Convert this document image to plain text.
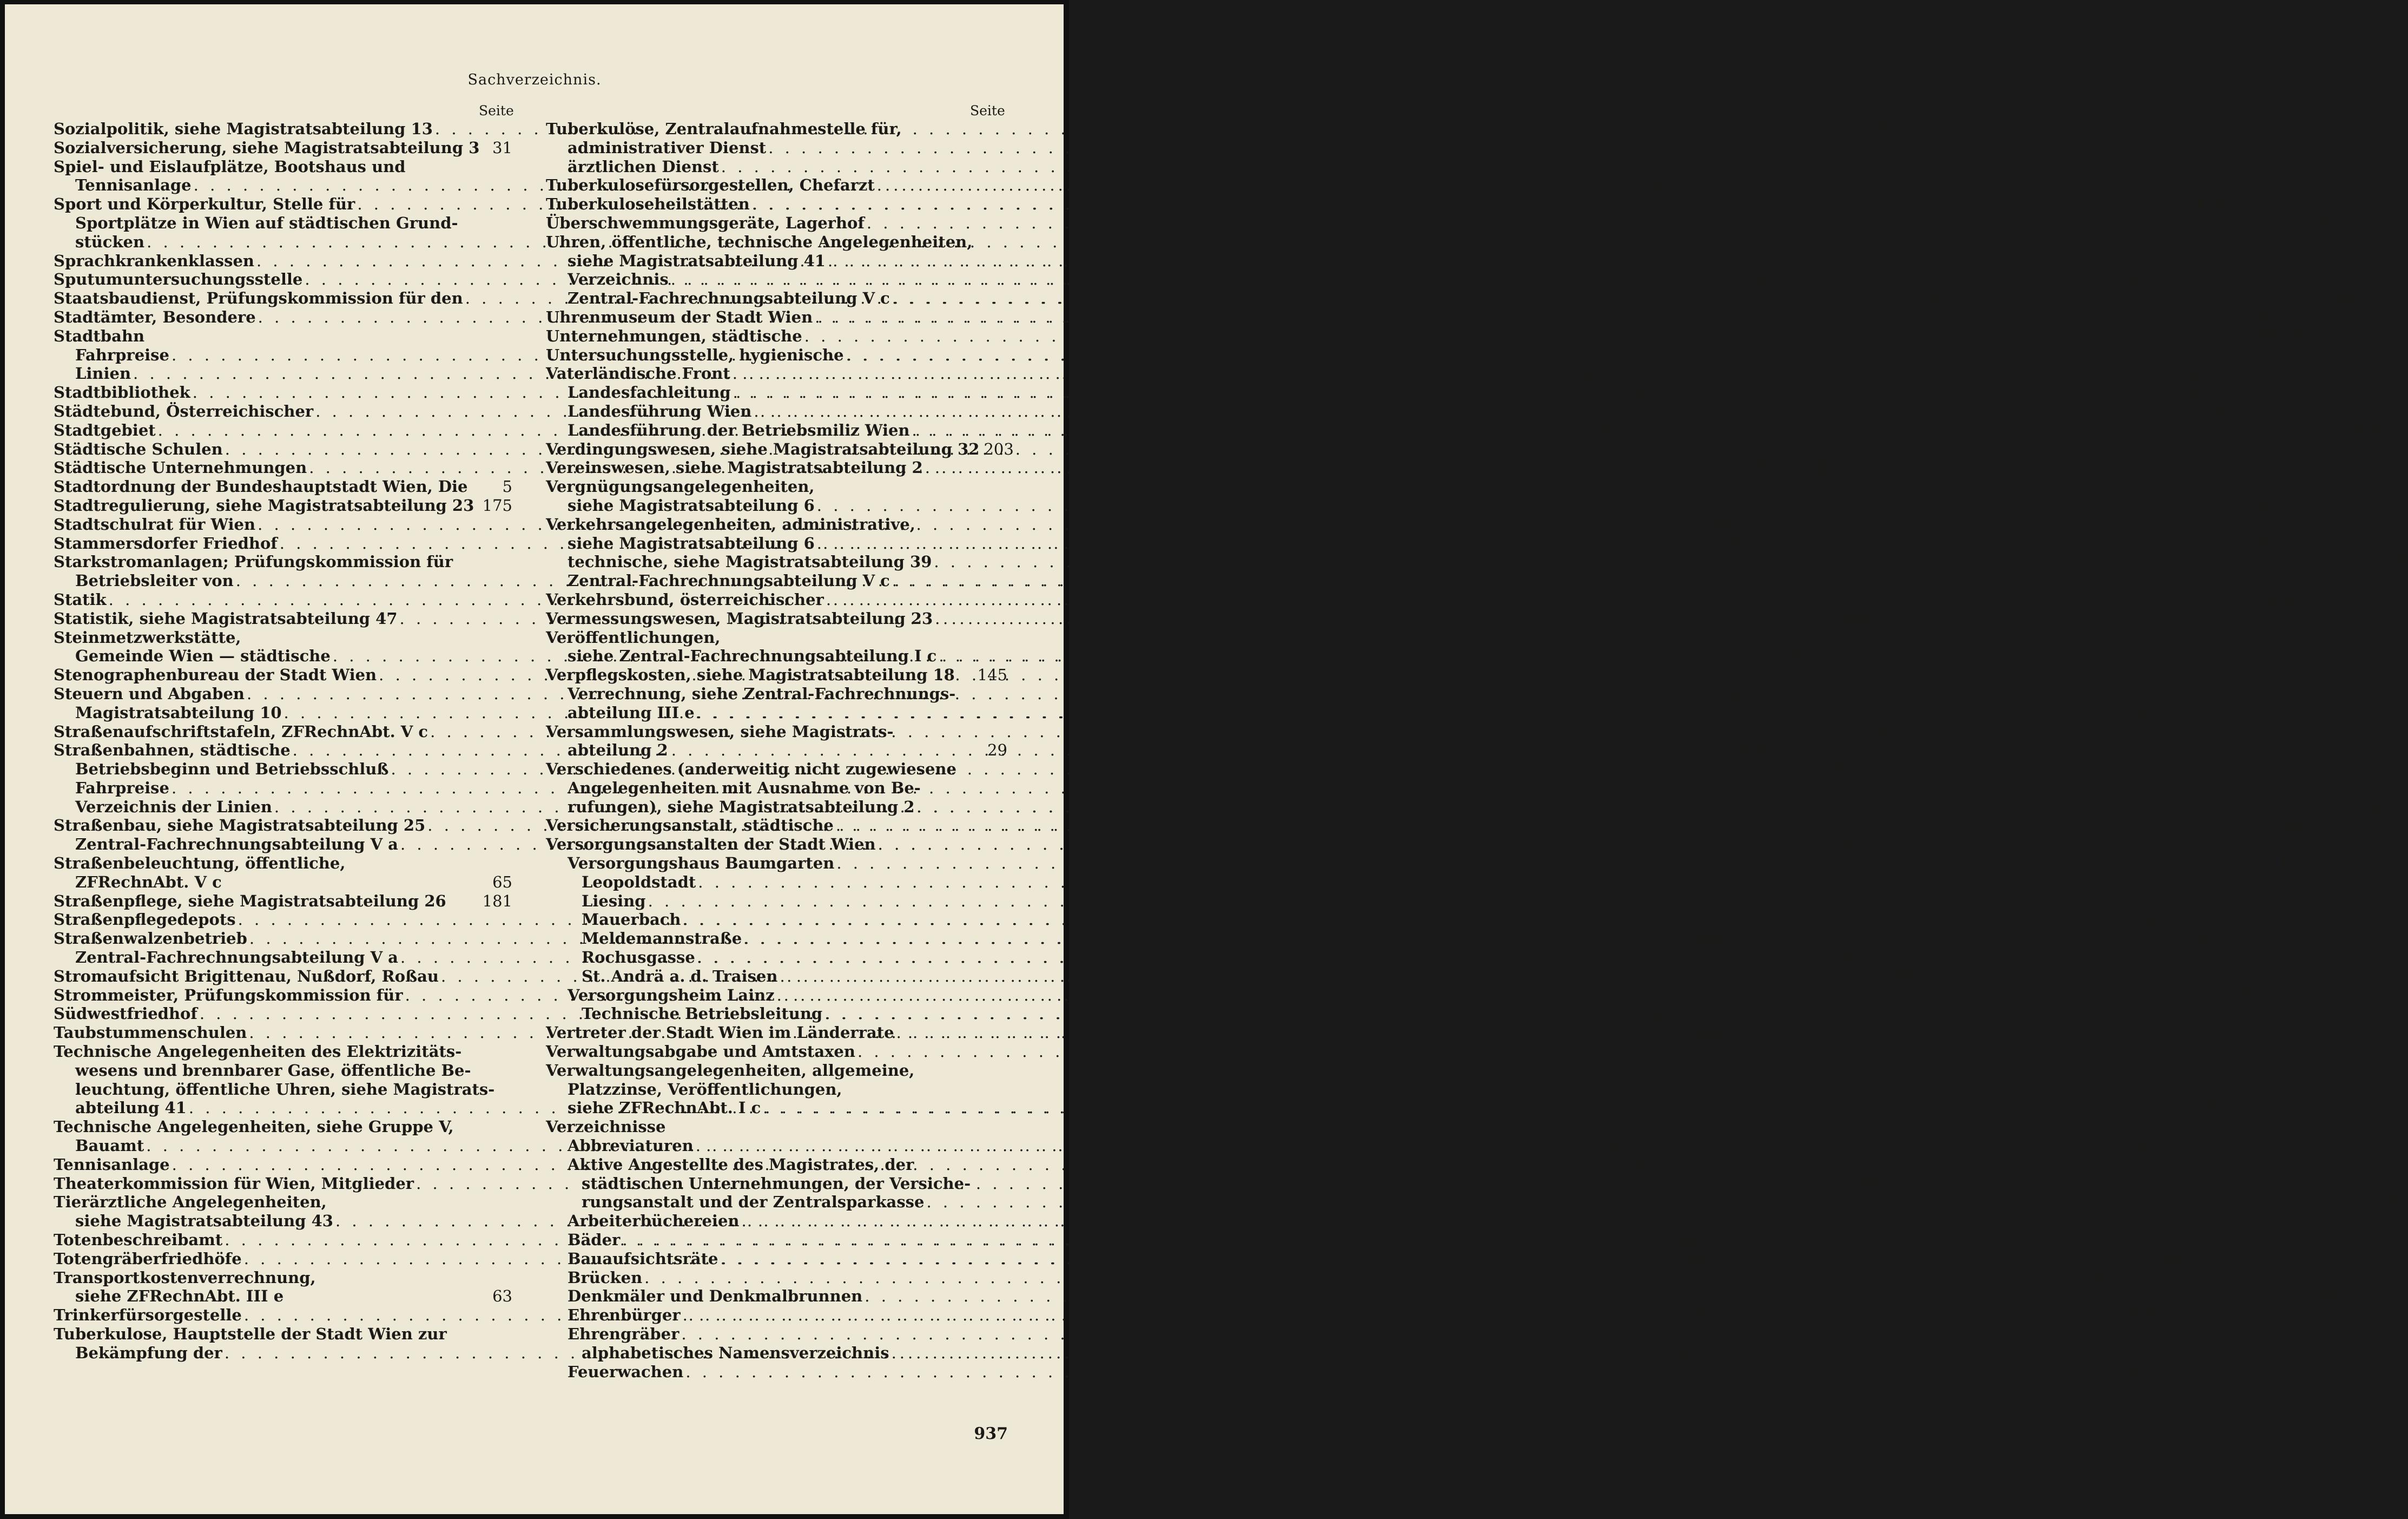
Sachverzeichnis.
Seite	Seite
Sozialpolitik, siehe Magistratsabteilung 13 . . .	87
Sozialversicherung, siehe Magistratsabteilung 3 31
Spiel- und Eislaufplätze, Bootshaus und
Tennisanlage . . .	159
Sport und Körperkultur, Stelle für . . .	157
Sportplätze in Wien auf städtischen Grund-
stücken . . .	151, 157
Sprachkrankenklassen . . .	457
Sputumuntersuchungsstelle . . .	155
Staatsbaudienst, Prüfungskommission für den . . .	173
Stadtämter, Besondere . . .	251—255
Stadtbahn
Fahrpreise . . .	322
Linien . . .	321
Stadtbibliothek . . .	43
Städtebund, Österreichischer . . .	923
Stadtgebiet . . .	537
Städtische Schulen . . .	341
Städtische Unternehmungen . . .	283—328
Stadtordnung der Bundeshauptstadt Wien, Die 5
Stadtregulierung, siehe Magistratsabteilung 23 175
Stadtschulrat für Wien . . .	339
Stammersdorfer Friedhof . . .	163
Starkstromanlagen; Prüfungskommission für
Betriebsleiter von . . .	175
Statik . . .	221
Statistik, siehe Magistratsabteilung 47 . . .	249
Steinmetzwerkstätte,
Gemeinde Wien — städtische . . .	165
Stenographenbureau der Stadt Wien . . .	21
Steuern und Abgaben . . .	547, 922
Magistratsabteilung 10 . . .	73
Straßenaufschriftstafeln, ZFRechnAbt. V c . . .	65
Straßenbahnen, städtische . . .	308
Betriebsbeginn und Betriebsschluß . . .	315
Fahrpreise . . .	322
Verzeichnis der Linien . . .	315
Straßenbau, siehe Magistratsabteilung 25 . . .	179
Zentral-Fachrechnungsabteilung V a . . .	65
Straßenbeleuchtung, öffentliche,
ZFRechnAbt. V c	65
Straßenpflege, siehe Magistratsabteilung 26 181
Straßenpflegedepots . . .	183
Straßenwalzenbetrieb . . .	181
Zentral-Fachrechnungsabteilung V a . . .	65
Stromaufsicht Brigittenau, Nußdorf, Roßau . . .	197
Strommeister, Prüfungskommission für . . .	175
Südwestfriedhof . . .	163
Taubstummenschulen . . .	455
Technische Angelegenheiten des Elektrizitäts-
wesens und brennbarer Gase, öffentliche Be-
leuchtung, öffentliche Uhren, siehe Magistrats-
abteilung 41 . . .	231
Technische Angelegenheiten, siehe Gruppe V,
Bauamt . . .	173
Tennisanlage . . .	159
Theaterkommission für Wien, Mitglieder . . .	35
Tierärztliche Angelegenheiten,
siehe Magistratsabteilung 43 . . .	237
Totenbeschreibamt . . .	159
Totengräberfriedhöfe . . .	163
Transportkostenverrechnung,
siehe ZFRechnAbt. III e	63
Trinkerfürsorgestelle . . .	155
Tuberkulose, Hauptstelle der Stadt Wien zur
Bekämpfung der . . .	153
Tuberkulöse, Zentralaufnahmestelle für,
administrativer Dienst . . .	145
ärztlichen Dienst . . .	153
Tuberkulosefürsorgestellen, Chefarzt . . .	153
Tuberkuloseheilstätten . . .	139
Überschwemmungsgeräte, Lagerhof . . .	197
Uhren, öffentliche, technische Angelegenheiten,
siehe Magistratsabteilung 41 . . .	231
Verzeichnis . . .	544
Zentral-Fachrechnungsabteilung V c . . .	65
Uhrenmuseum der Stadt Wien . . .	31
Unternehmungen, städtische . . .	283—328
Untersuchungsstelle, hygienische . . .	155
Vaterländische Front . . .	336
Landesfachleitung . . .	336
Landesführung Wien . . .	336
Landesführung der Betriebsmiliz Wien . . .	336
Verdingungswesen, siehe Magistratsabteilung 32 203
Vereinswesen, siehe Magistratsabteilung 2 . . .	29
Vergnügungsangelegenheiten,
siehe Magistratsabteilung 6 . . .	35
Verkehrsangelegenheiten, administrative,
siehe Magistratsabteilung 6 . . .	35
technische, siehe Magistratsabteilung 39 . . .	229
Zentral-Fachrechnungsabteilung V c . . .	65
Verkehrsbund, österreichischer . . .	635
Vermessungswesen, Magistratsabteilung 23 . . .	175
Veröffentlichungen,
siehe Zentral-Fachrechnungsabteilung I c . . .	57
Verpflegskosten, siehe Magistratsabteilung 18 145
Verrechnung, siehe Zentral-Fachrechnungs-
abteilung III e . . .	63
Versammlungswesen, siehe Magistrats-
abteilung 2	29
Verschiedenes (anderweitig nicht zugewiesene
Angelegenheiten mit Ausnahme von Be-
rufungen), siehe Magistratsabteilung 2 . . .	29
Versicherungsanstalt, städtische . . .	330
Versorgungsanstalten der Stadt Wien . . .	119
Versorgungshaus Baumgarten . . .	121
Leopoldstadt . . .	121
Liesing . . .	123
Mauerbach . . .	123
Meldemannstraße . . .	121
Rochusgasse . . .	121
St. Andrä a. d. Traisen . . .	123
Versorgungsheim Lainz . . .	119
Technische Betriebsleitung . . .	205
Vertreter der Stadt Wien im Länderrate . . .	20
Verwaltungsabgabe und Amtstaxen . . .	553
Verwaltungsangelegenheiten, allgemeine,
Platzzinse, Veröffentlichungen,
siehe ZFRechnAbt. I c . . .	57
Verzeichnisse
Abbreviaturen . . .	925
Aktive Angestellte des Magistrates, der
städtischen Unternehmungen, der Versiche-
rungsanstalt und der Zentralsparkasse . . .	674
Arbeiterbüchereien . . .	250
Bäder . . .	217
Bauaufsichtsräte . . .	223
Brücken . . .	543
Denkmäler und Denkmalbrunnen . . .	538
Ehrenbürger . . .	503
Ehrengräber . . .	509
alphabetisches Namensverzeichnis . . .	522
Feuerwachen . . .	47
937
